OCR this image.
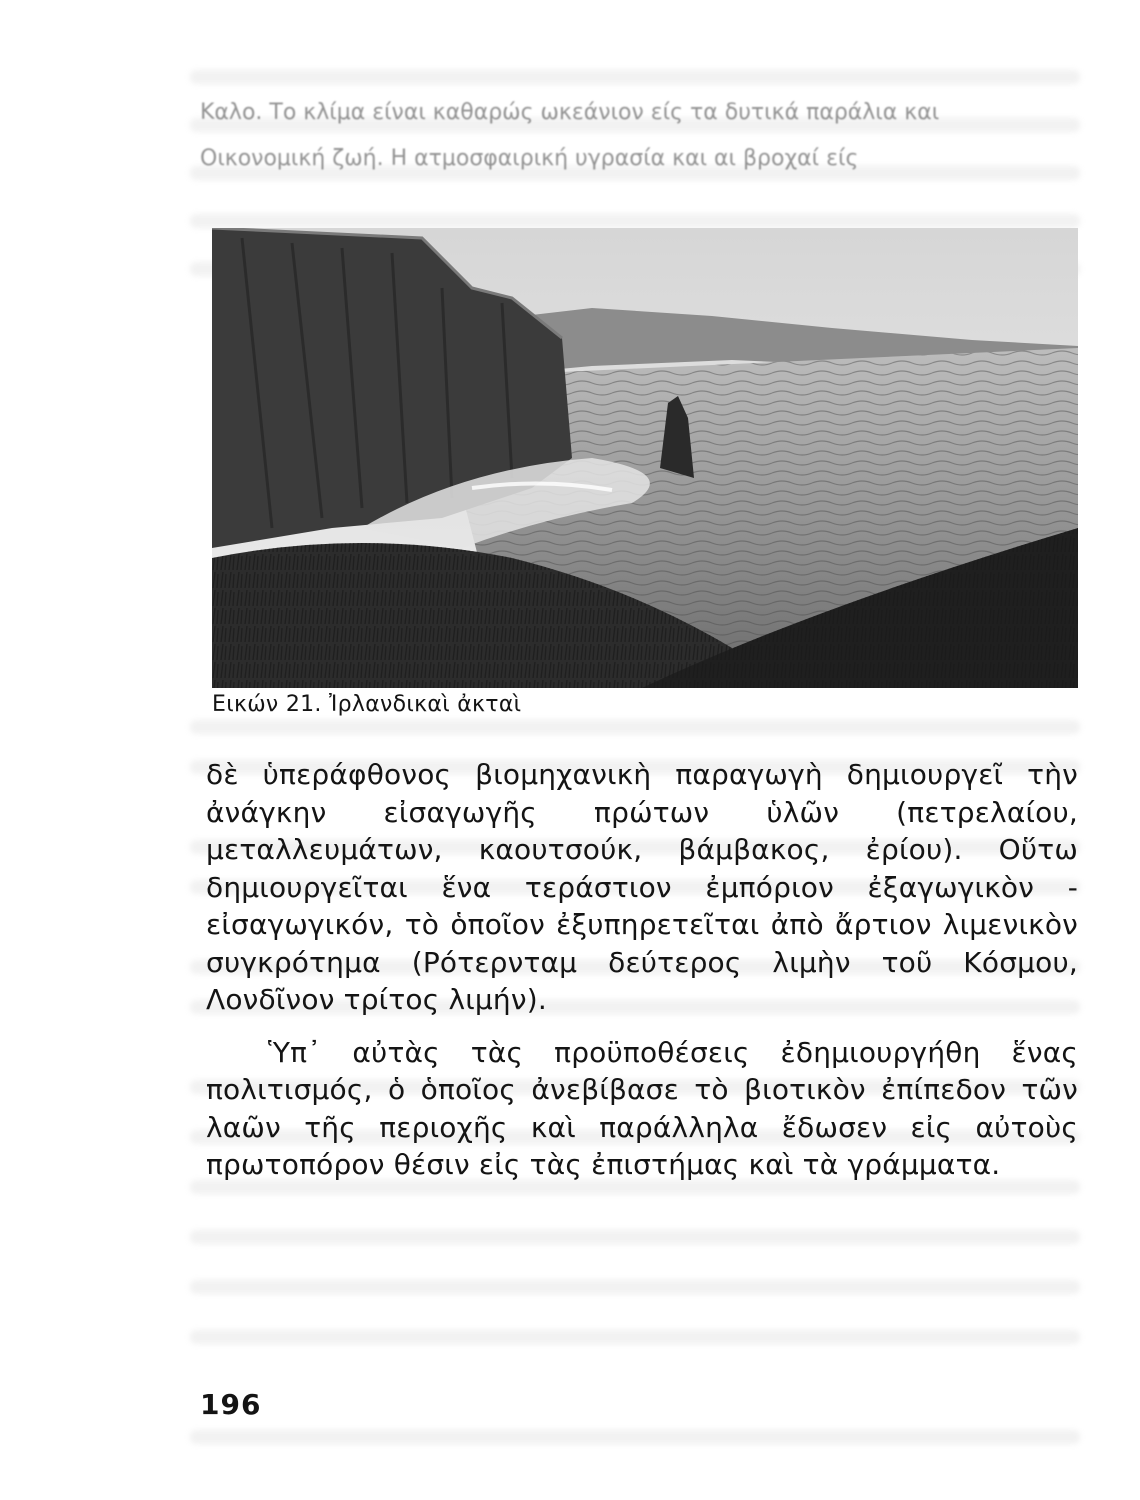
Καλο. Το κλίμα είναι καθαρώς ωκεάνιον είς τα δυτικά παράλια και

Οικονομική ζωή. Η ατμοσφαιρική υγρασία και αι βροχαί είς

Εικών 21. Ἰρλανδικαὶ ἀκταὶ

δὲ ὑπεράφθονος βιομηχανικὴ παραγωγὴ δημιουργεῖ τὴν ἀνάγκην εἰσαγωγῆς πρώτων ὑλῶν (πετρελαίου, μεταλλευμάτων, καουτσούκ, βάμβακος, ἐρίου). Οὕτω δημιουργεῖται ἕνα τεράστιον ἐμπόριον ἐξαγωγικὸν - εἰσαγωγικόν, τὸ ὁποῖον ἐξυπηρετεῖται ἀπὸ ἄρτιον λιμενικὸν συγκρότημα (Ρότερνταμ δεύτερος λιμὴν τοῦ Κόσμου, Λονδῖνον τρίτος λιμήν).

Ὑπ᾿ αὐτὰς τὰς προϋποθέσεις ἐδημιουργήθη ἕνας πολιτισμός, ὁ ὁποῖος ἀνεβίβασε τὸ βιοτικὸν ἐπίπεδον τῶν λαῶν τῆς περιοχῆς καὶ παράλληλα ἔδωσεν εἰς αὐτοὺς πρωτοπόρον θέσιν εἰς τὰς ἐπιστήμας καὶ τὰ γράμματα.

196
